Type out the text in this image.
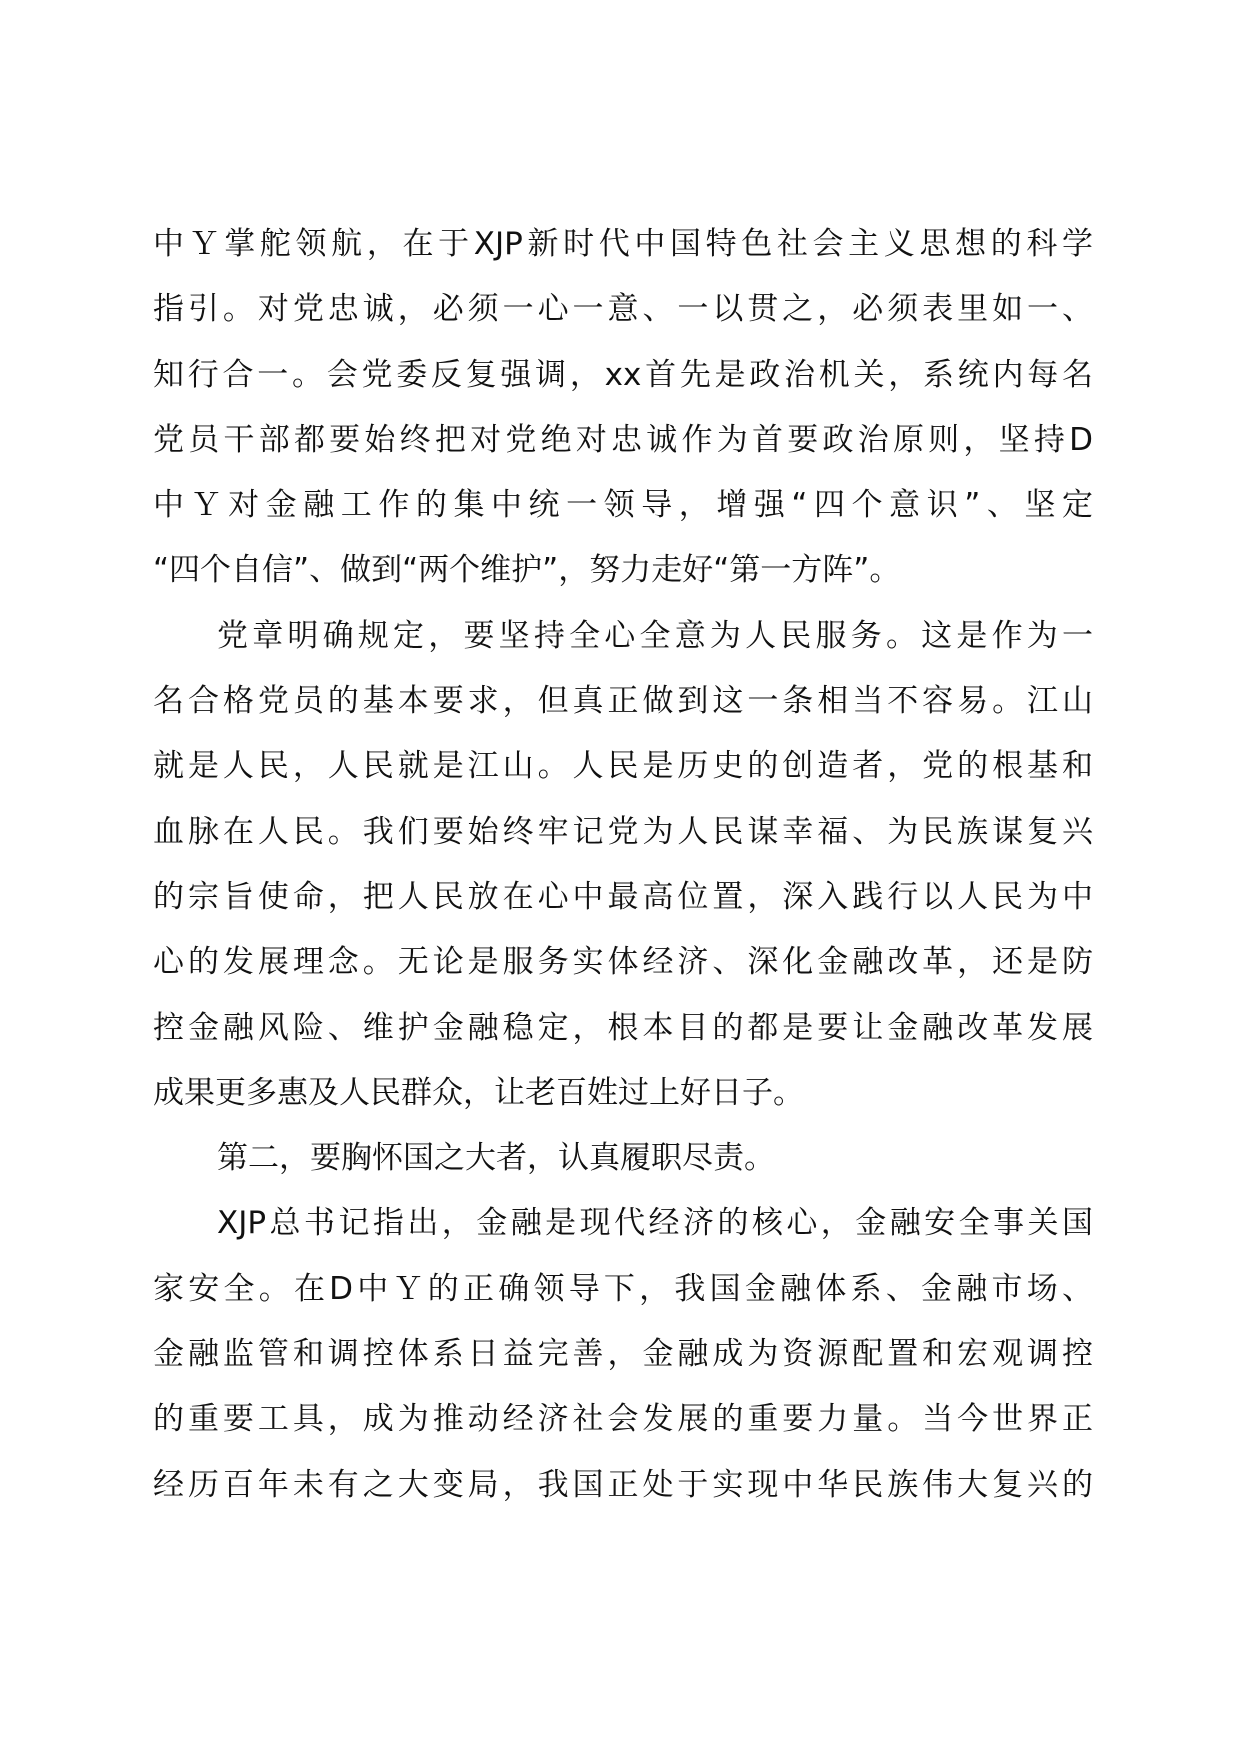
中Ｙ掌舵领航，在于XJP新时代中国特色社会主义思想的科学
指引。对党忠诚，必须一心一意、一以贯之，必须表里如一、
知行合一。会党委反复强调，xx首先是政治机关，系统内每名
党员干部都要始终把对党绝对忠诚作为首要政治原则，坚持D
中Ｙ对金融工作的集中统一领导，增强“四个意识”、坚定
“四个自信”、做到“两个维护”，努力走好“第一方阵”。
党章明确规定，要坚持全心全意为人民服务。这是作为一
名合格党员的基本要求，但真正做到这一条相当不容易。江山
就是人民，人民就是江山。人民是历史的创造者，党的根基和
血脉在人民。我们要始终牢记党为人民谋幸福、为民族谋复兴
的宗旨使命，把人民放在心中最高位置，深入践行以人民为中
心的发展理念。无论是服务实体经济、深化金融改革，还是防
控金融风险、维护金融稳定，根本目的都是要让金融改革发展
成果更多惠及人民群众，让老百姓过上好日子。
第二，要胸怀国之大者，认真履职尽责。
XJP总书记指出，金融是现代经济的核心，金融安全事关国
家安全。在D中Ｙ的正确领导下，我国金融体系、金融市场、
金融监管和调控体系日益完善，金融成为资源配置和宏观调控
的重要工具，成为推动经济社会发展的重要力量。当今世界正
经历百年未有之大变局，我国正处于实现中华民族伟大复兴的
